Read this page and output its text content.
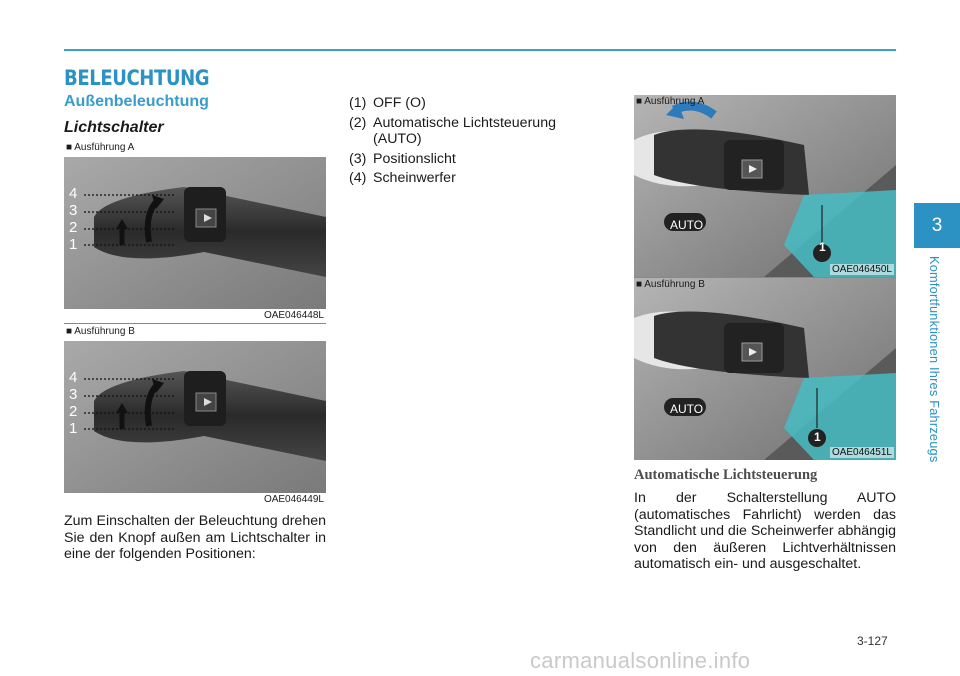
BELEUCHTUNG
Außenbeleuchtung
Lichtschalter
■ Ausführung A
4
3
2
1
OAE046448L
■ Ausführung B
4
3
2
1
OAE046449L
Zum Einschalten der Beleuchtung drehen Sie den Knopf außen am Lichtschalter in eine der folgenden Positionen:
(1) OFF (O)
(2) Automatische Lichtsteuerung
(AUTO)
(3) Positionslicht
(4) Scheinwerfer
■ Ausführung A
AUTO
1
OAE046450L
■ Ausführung B
AUTO
1
OAE046451L
Automatische Lichtsteuerung
In der Schalterstellung AUTO (automatisches Fahrlicht) werden das Standlicht und die Scheinwerfer abhängig von den äußeren Lichtverhältnissen automatisch ein- und ausgeschaltet.
3
Komfortfunktionen Ihres Fahrzeugs
3-127
carmanualsonline.info
